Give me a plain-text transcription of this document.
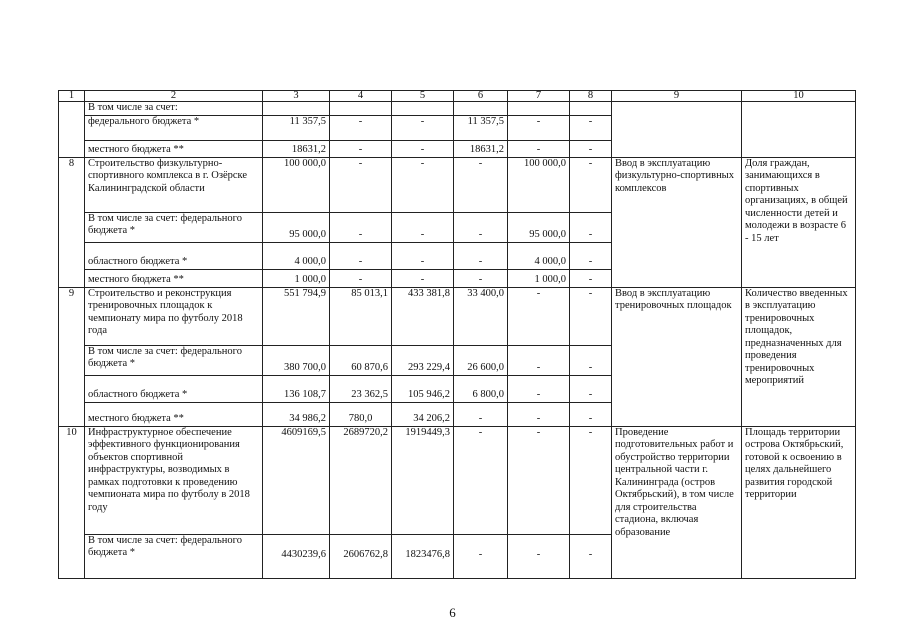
1	2	3	4	5	6	7	8	9	10
	В том числе за счет:								
	федерального бюджета *	11 357,5	-	-	11 357,5	-	-		
	местного бюджета **	18631,2	-	-	18631,2	-	-		
8	Строительство физкультурно-спортивного комплекса в г. Озёрске Калининградской области	100 000,0	-	-	-	100 000,0	-	Ввод в эксплуатацию физкультурно-спортивных комплексов	Доля граждан, занимающихся в спортивных организациях, в общей численности детей и молодежи в возрасте 6 - 15 лет
	В том числе за счет: федерального бюджета *	95 000,0	-	-	-	95 000,0	-		
	областного бюджета *	4 000,0	-	-	-	4 000,0	-		
	местного бюджета **	1 000,0	-	-	-	1 000,0	-		
9	Строительство и реконструкция тренировочных площадок к чемпионату мира по футболу 2018 года	551 794,9	85 013,1	433 381,8	33 400,0	-	-	Ввод в эксплуатацию тренировочных площадок	Количество введенных в эксплуатацию тренировочных площадок, предназначенных для проведения тренировочных мероприятий
	В том числе за счет: федерального бюджета *	380 700,0	60 870,6	293 229,4	26 600,0	-	-		
	областного бюджета *	136 108,7	23 362,5	105 946,2	6 800,0	-	-		
	местного бюджета **	34 986,2	780,0	34 206,2	-	-	-		
10	Инфраструктурное обеспечение эффективного функционирования объектов спортивной инфраструктуры, возводимых в рамках подготовки к проведению чемпионата мира по футболу в 2018 году	4609169,5	2689720,2	1919449,3	-	-	-	Проведение подготовительных работ и обустройство территории центральной части г. Калининграда (остров Октябрьский), в том числе для строительства стадиона, включая образование	Площадь территории острова Октябрьский, готовой к освоению в целях дальнейшего развития городской территории
	В том числе за счет: федерального бюджета *	4430239,6	2606762,8	1823476,8	-	-	-		
6
